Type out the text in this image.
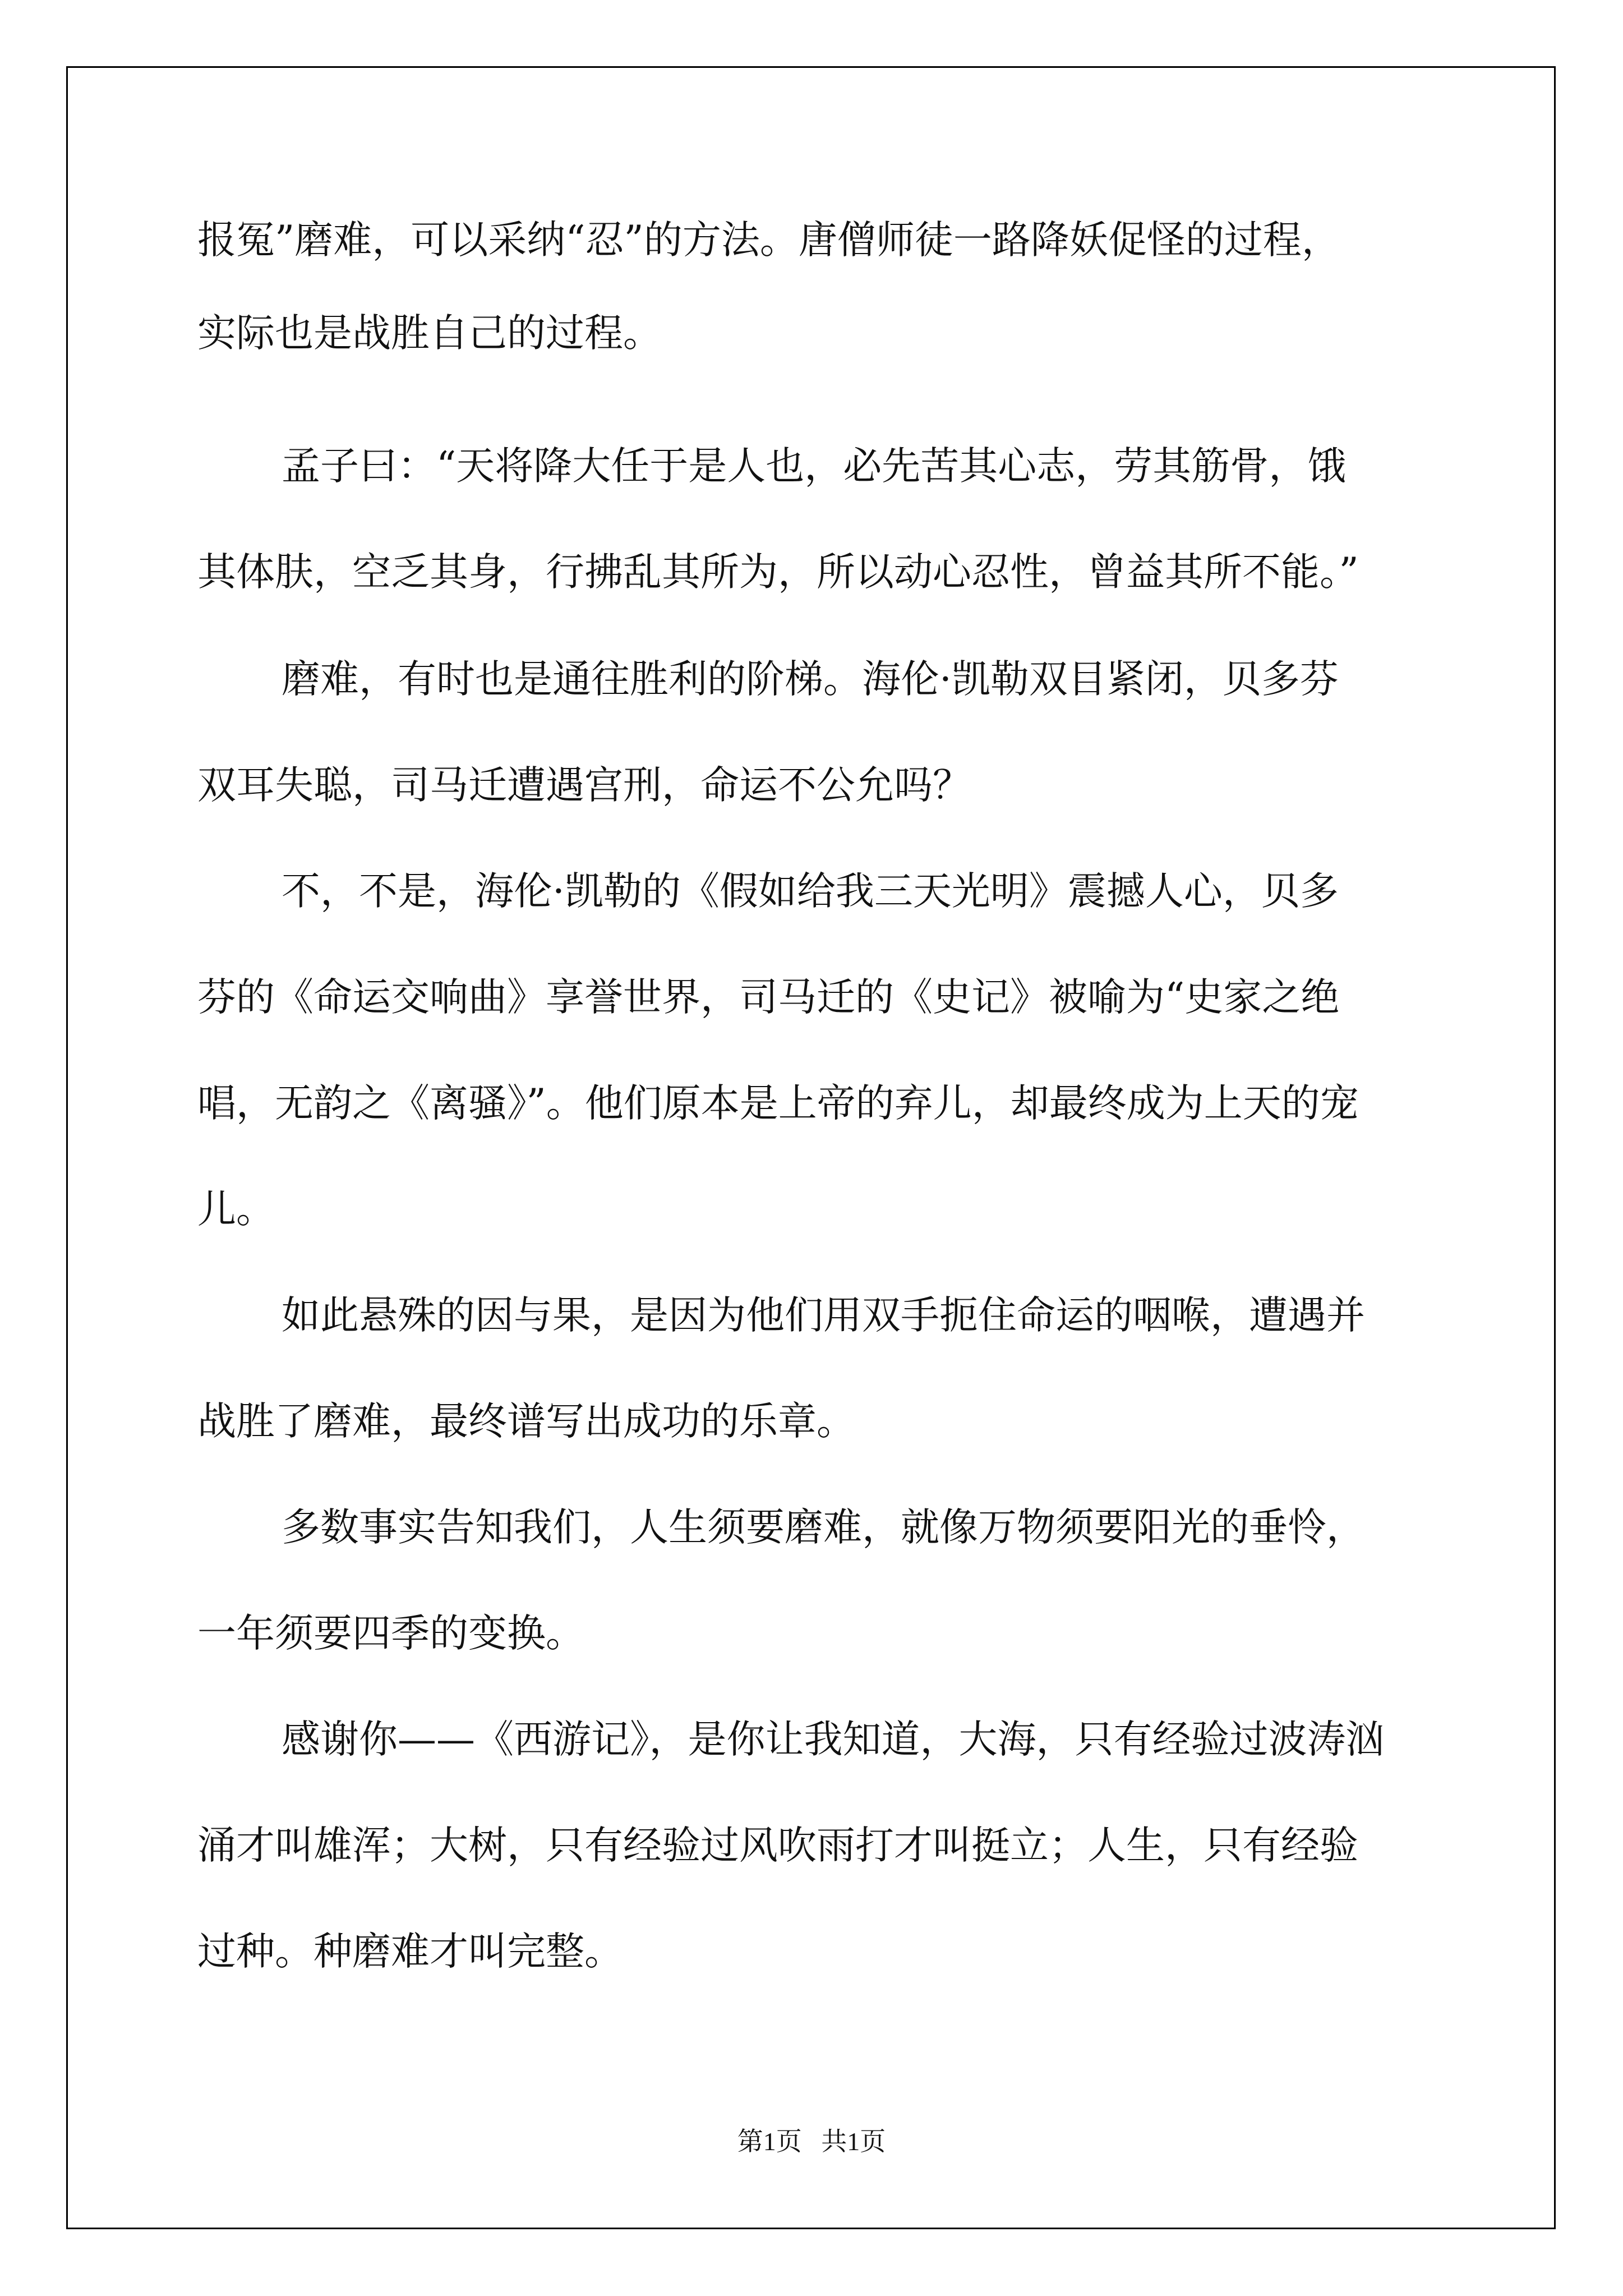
报冤”磨难，可以采纳“忍”的方法。唐僧师徒一路降妖促怪的过程，
实际也是战胜自己的过程。
孟子曰：“天将降大任于是人也，必先苦其心志，劳其筋骨，饿
其体肤，空乏其身，行拂乱其所为，所以动心忍性，曾益其所不能。”
磨难，有时也是通往胜利的阶梯。海伦·凯勒双目紧闭，贝多芬
双耳失聪，司马迁遭遇宫刑，命运不公允吗？
不，不是，海伦·凯勒的《假如给我三天光明》震撼人心，贝多
芬的《命运交响曲》享誉世界，司马迁的《史记》被喻为“史家之绝
唱，无韵之《离骚》”。他们原本是上帝的弃儿，却最终成为上天的宠
儿。
如此悬殊的因与果，是因为他们用双手扼住命运的咽喉，遭遇并
战胜了磨难，最终谱写出成功的乐章。
多数事实告知我们，人生须要磨难，就像万物须要阳光的垂怜，
一年须要四季的变换。
感谢你——《西游记》，是你让我知道，大海，只有经验过波涛汹
涌才叫雄浑；大树，只有经验过风吹雨打才叫挺立；人生，只有经验
过种。种磨难才叫完整。
第1页   共1页
